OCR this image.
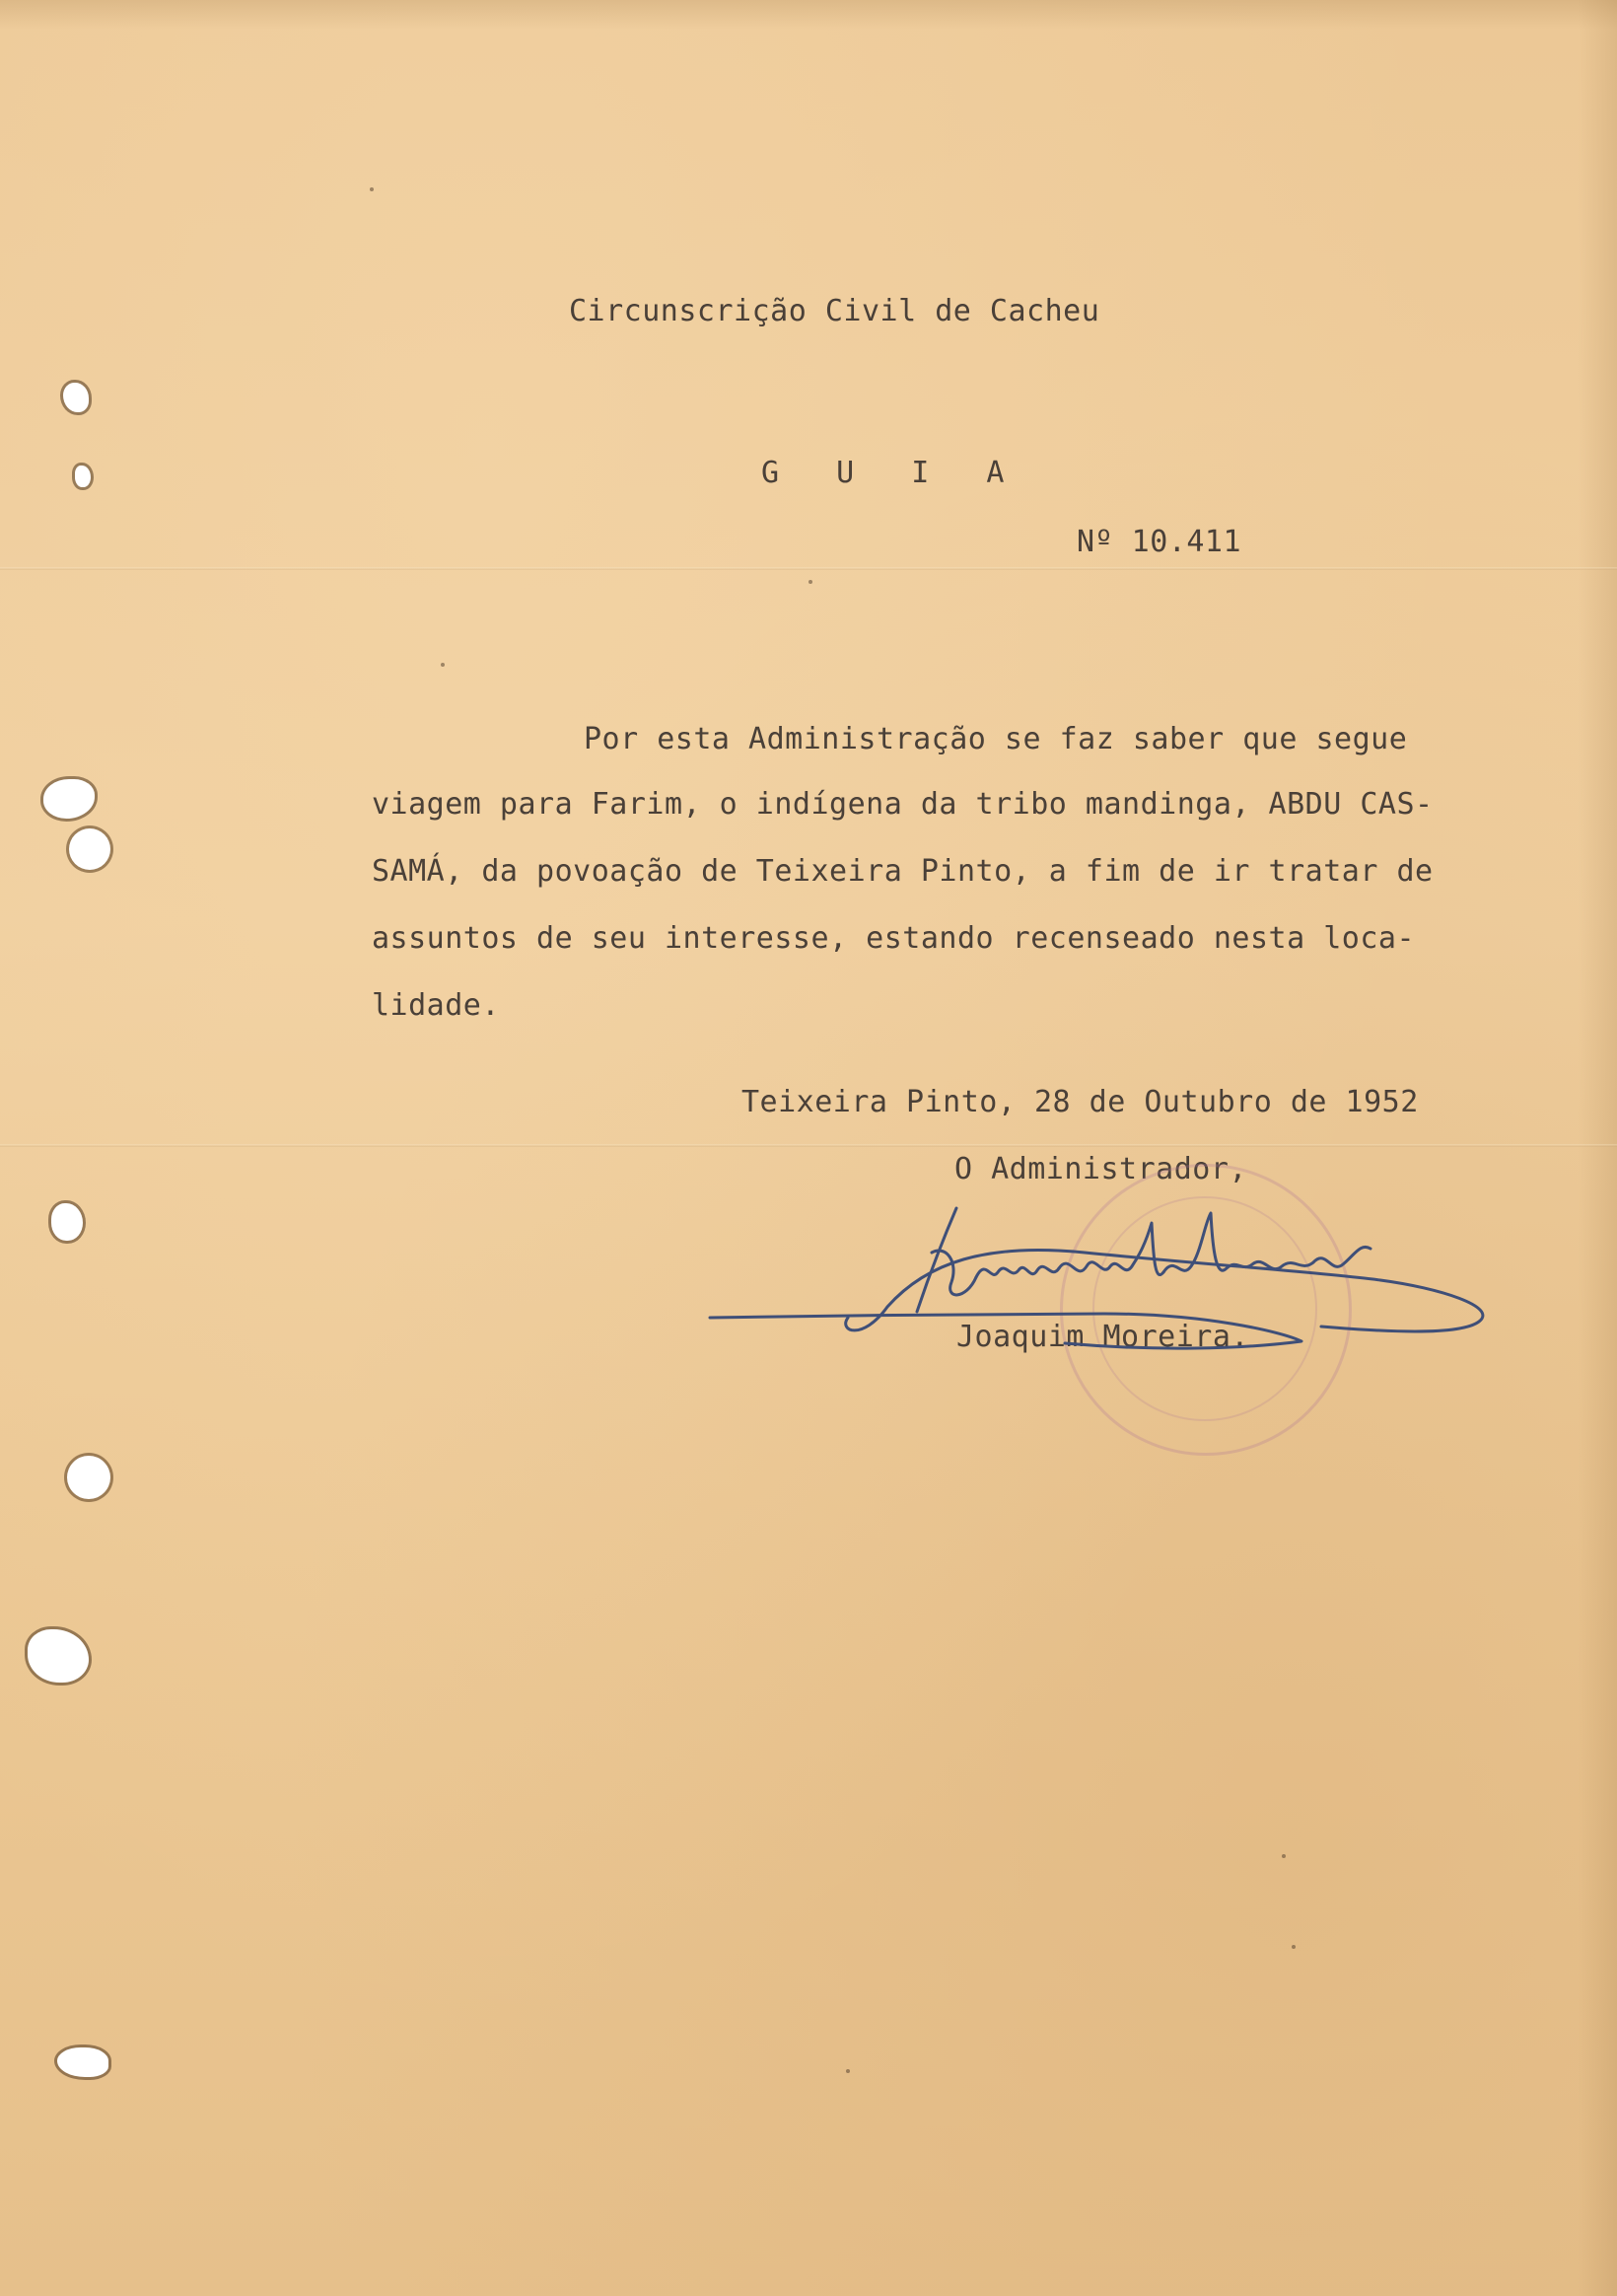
Circunscrição Civil de Cacheu

G U I A

Nº 10.411

Por esta Administração se faz saber que segue

viagem para Farim, o indígena da tribo mandinga, ABDU CAS-

SAMÁ, da povoação de Teixeira Pinto, a fim de ir tratar de

assuntos de seu interesse, estando recenseado nesta loca-

lidade.

Teixeira Pinto, 28 de Outubro de 1952

O Administrador,

Joaquim Moreira.
